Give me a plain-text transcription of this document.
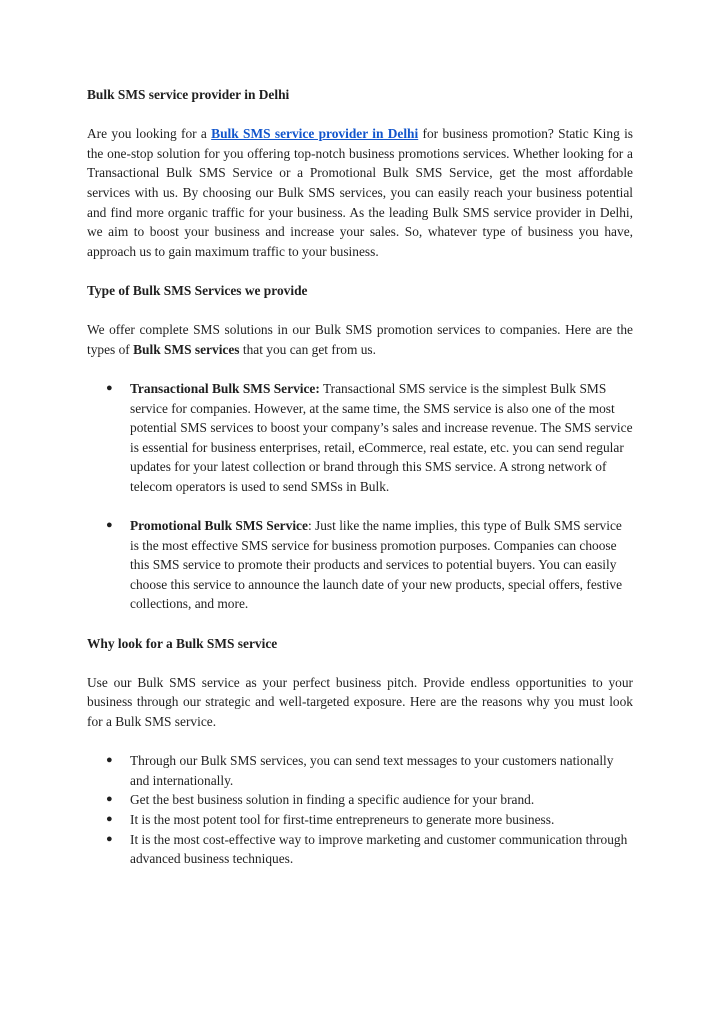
Bulk SMS service provider in Delhi

Are you looking for a Bulk SMS service provider in Delhi for business promotion? Static King is the one-stop solution for you offering top-notch business promotions services. Whether looking for a Transactional Bulk SMS Service or a Promotional Bulk SMS Service, get the most affordable services with us. By choosing our Bulk SMS services, you can easily reach your business potential and find more organic traffic for your business. As the leading Bulk SMS service provider in Delhi, we aim to boost your business and increase your sales. So, whatever type of business you have, approach us to gain maximum traffic to your business.

Type of Bulk SMS Services we provide

We offer complete SMS solutions in our Bulk SMS promotion services to companies. Here are the types of Bulk SMS services that you can get from us.

● Transactional Bulk SMS Service: Transactional SMS service is the simplest Bulk SMS service for companies. However, at the same time, the SMS service is also one of the most potential SMS services to boost your company’s sales and increase revenue. The SMS service is essential for business enterprises, retail, eCommerce, real estate, etc. you can send regular updates for your latest collection or brand through this SMS service. A strong network of telecom operators is used to send SMSs in Bulk.
● Promotional Bulk SMS Service: Just like the name implies, this type of Bulk SMS service is the most effective SMS service for business promotion purposes. Companies can choose this SMS service to promote their products and services to potential buyers. You can easily choose this service to announce the launch date of your new products, special offers, festive collections, and more.

Why look for a Bulk SMS service

Use our Bulk SMS service as your perfect business pitch. Provide endless opportunities to your business through our strategic and well-targeted exposure. Here are the reasons why you must look for a Bulk SMS service.

● Through our Bulk SMS services, you can send text messages to your customers nationally and internationally.
● Get the best business solution in finding a specific audience for your brand.
● It is the most potent tool for first-time entrepreneurs to generate more business.
● It is the most cost-effective way to improve marketing and customer communication through advanced business techniques.
